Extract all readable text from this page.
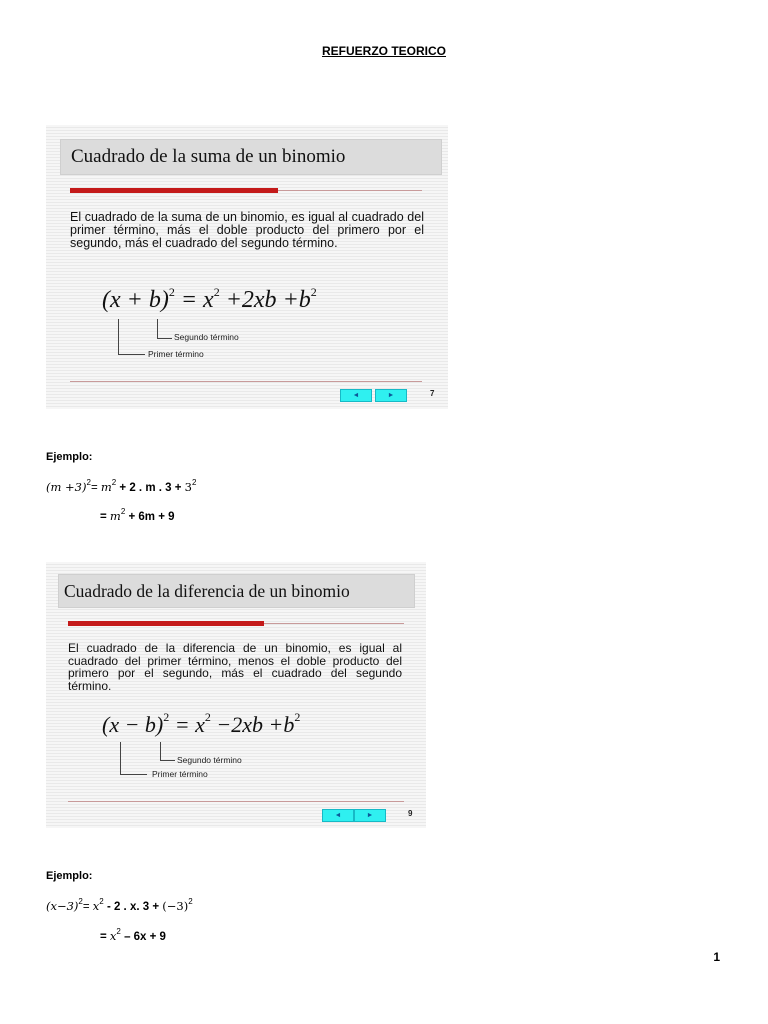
REFUERZO TEORICO
Cuadrado de la suma de un binomio
El cuadrado de la suma de un binomio, es igual al cuadrado del primer término, más el doble producto del primero por el segundo, más el cuadrado del segundo término.
$(x + b)^2 = x^2 +2xb +b^2$
Segundo término
Primer término
◄	►	7
Ejemplo:
$(m +3)^2= m^2 + 2$ . m . $3 + 3^2$
= $m^2 + 6m + 9$
Cuadrado de la diferencia de un binomio
El cuadrado de la diferencia de un binomio, es igual al cuadrado del primer término, menos el doble producto del primero por el segundo, más el cuadrado del segundo término.
$(x - b)^2 = x^2 -2xb +b^2$
Segundo término
Primer término
◄	►	9
Ejemplo:
$(x-3)^2= x^2 - 2$ . x. $3 + (-3)^2$
= $x^2 - 6x + 9$
1
